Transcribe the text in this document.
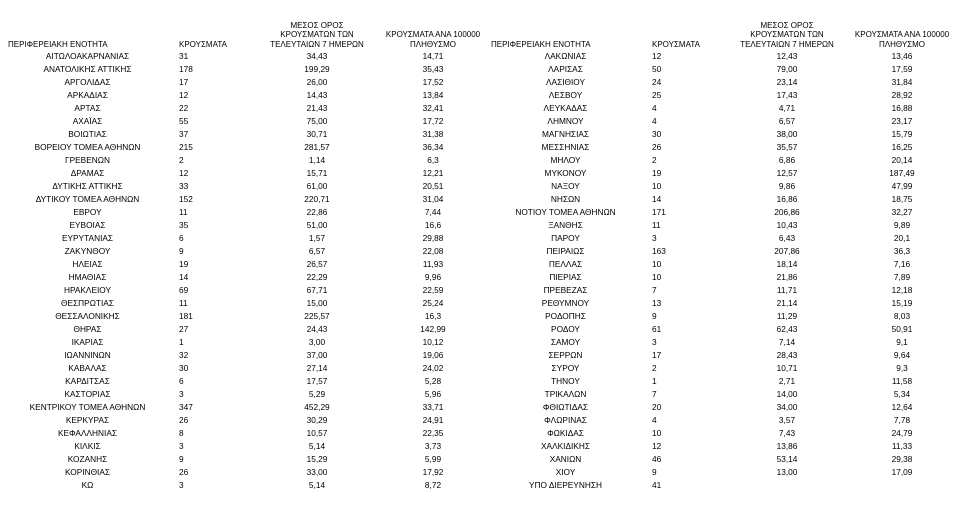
ΠΕΡΙΦΕΡΕΙΑΚΗ ΕΝΟΤΗΤΑ	ΚΡΟΥΣΜΑΤΑ	ΜΕΣΟΣ ΟΡΟΣ
ΚΡΟΥΣΜΑΤΩΝ ΤΩΝ
ΤΕΛΕΥΤΑΙΩΝ 7 ΗΜΕΡΩΝ	ΚΡΟΥΣΜΑΤΑ ΑΝΑ 100000
ΠΛΗΘΥΣΜΟ	ΠΕΡΙΦΕΡΕΙΑΚΗ ΕΝΟΤΗΤΑ	ΚΡΟΥΣΜΑΤΑ	ΜΕΣΟΣ ΟΡΟΣ
ΚΡΟΥΣΜΑΤΩΝ ΤΩΝ
ΤΕΛΕΥΤΑΙΩΝ 7 ΗΜΕΡΩΝ	ΚΡΟΥΣΜΑΤΑ ΑΝΑ 100000
ΠΛΗΘΥΣΜΟ
ΑΙΤΩΛΟΑΚΑΡΝΑΝΙΑΣ	31	34,43	14,71	ΛΑΚΩΝΙΑΣ	12	12,43	13,46
ΑΝΑΤΟΛΙΚΗΣ ΑΤΤΙΚΗΣ	178	199,29	35,43	ΛΑΡΙΣΑΣ	50	79,00	17,59
ΑΡΓΟΛΙΔΑΣ	17	26,00	17,52	ΛΑΣΙΘΙΟΥ	24	23,14	31,84
ΑΡΚΑΔΙΑΣ	12	14,43	13,84	ΛΕΣΒΟΥ	25	17,43	28,92
ΑΡΤΑΣ	22	21,43	32,41	ΛΕΥΚΑΔΑΣ	4	4,71	16,88
ΑΧΑΪΑΣ	55	75,00	17,72	ΛΗΜΝΟΥ	4	6,57	23,17
ΒΟΙΩΤΙΑΣ	37	30,71	31,38	ΜΑΓΝΗΣΙΑΣ	30	38,00	15,79
ΒΟΡΕΙΟΥ ΤΟΜΕΑ ΑΘΗΝΩΝ	215	281,57	36,34	ΜΕΣΣΗΝΙΑΣ	26	35,57	16,25
ΓΡΕΒΕΝΩΝ	2	1,14	6,3	ΜΗΛΟΥ	2	6,86	20,14
ΔΡΑΜΑΣ	12	15,71	12,21	ΜΥΚΟΝΟΥ	19	12,57	187,49
ΔΥΤΙΚΗΣ ΑΤΤΙΚΗΣ	33	61,00	20,51	ΝΑΞΟΥ	10	9,86	47,99
ΔΥΤΙΚΟΥ ΤΟΜΕΑ ΑΘΗΝΩΝ	152	220,71	31,04	ΝΗΣΩΝ	14	16,86	18,75
ΕΒΡΟΥ	11	22,86	7,44	ΝΟΤΙΟΥ ΤΟΜΕΑ ΑΘΗΝΩΝ	171	206,86	32,27
ΕΥΒΟΙΑΣ	35	51,00	16,6	ΞΑΝΘΗΣ	11	10,43	9,89
ΕΥΡΥΤΑΝΙΑΣ	6	1,57	29,88	ΠΑΡΟΥ	3	6,43	20,1
ΖΑΚΥΝΘΟΥ	9	6,57	22,08	ΠΕΙΡΑΙΩΣ	163	207,86	36,3
ΗΛΕΙΑΣ	19	26,57	11,93	ΠΕΛΛΑΣ	10	18,14	7,16
ΗΜΑΘΙΑΣ	14	22,29	9,96	ΠΙΕΡΙΑΣ	10	21,86	7,89
ΗΡΑΚΛΕΙΟΥ	69	67,71	22,59	ΠΡΕΒΕΖΑΣ	7	11,71	12,18
ΘΕΣΠΡΩΤΙΑΣ	11	15,00	25,24	ΡΕΘΥΜΝΟΥ	13	21,14	15,19
ΘΕΣΣΑΛΟΝΙΚΗΣ	181	225,57	16,3	ΡΟΔΟΠΗΣ	9	11,29	8,03
ΘΗΡΑΣ	27	24,43	142,99	ΡΟΔΟΥ	61	62,43	50,91
ΙΚΑΡΙΑΣ	1	3,00	10,12	ΣΑΜΟΥ	3	7,14	9,1
ΙΩΑΝΝΙΝΩΝ	32	37,00	19,06	ΣΕΡΡΩΝ	17	28,43	9,64
ΚΑΒΑΛΑΣ	30	27,14	24,02	ΣΥΡΟΥ	2	10,71	9,3
ΚΑΡΔΙΤΣΑΣ	6	17,57	5,28	ΤΗΝΟΥ	1	2,71	11,58
ΚΑΣΤΟΡΙΑΣ	3	5,29	5,96	ΤΡΙΚΑΛΩΝ	7	14,00	5,34
ΚΕΝΤΡΙΚΟΥ ΤΟΜΕΑ ΑΘΗΝΩΝ	347	452,29	33,71	ΦΘΙΩΤΙΔΑΣ	20	34,00	12,64
ΚΕΡΚΥΡΑΣ	26	30,29	24,91	ΦΛΩΡΙΝΑΣ	4	3,57	7,78
ΚΕΦΑΛΛΗΝΙΑΣ	8	10,57	22,35	ΦΩΚΙΔΑΣ	10	7,43	24,79
ΚΙΛΚΙΣ	3	5,14	3,73	ΧΑΛΚΙΔΙΚΗΣ	12	13,86	11,33
ΚΟΖΑΝΗΣ	9	15,29	5,99	ΧΑΝΙΩΝ	46	53,14	29,38
ΚΟΡΙΝΘΙΑΣ	26	33,00	17,92	ΧΙΟΥ	9	13,00	17,09
ΚΩ	3	5,14	8,72	ΥΠΟ ΔΙΕΡΕΥΝΗΣΗ	41		
